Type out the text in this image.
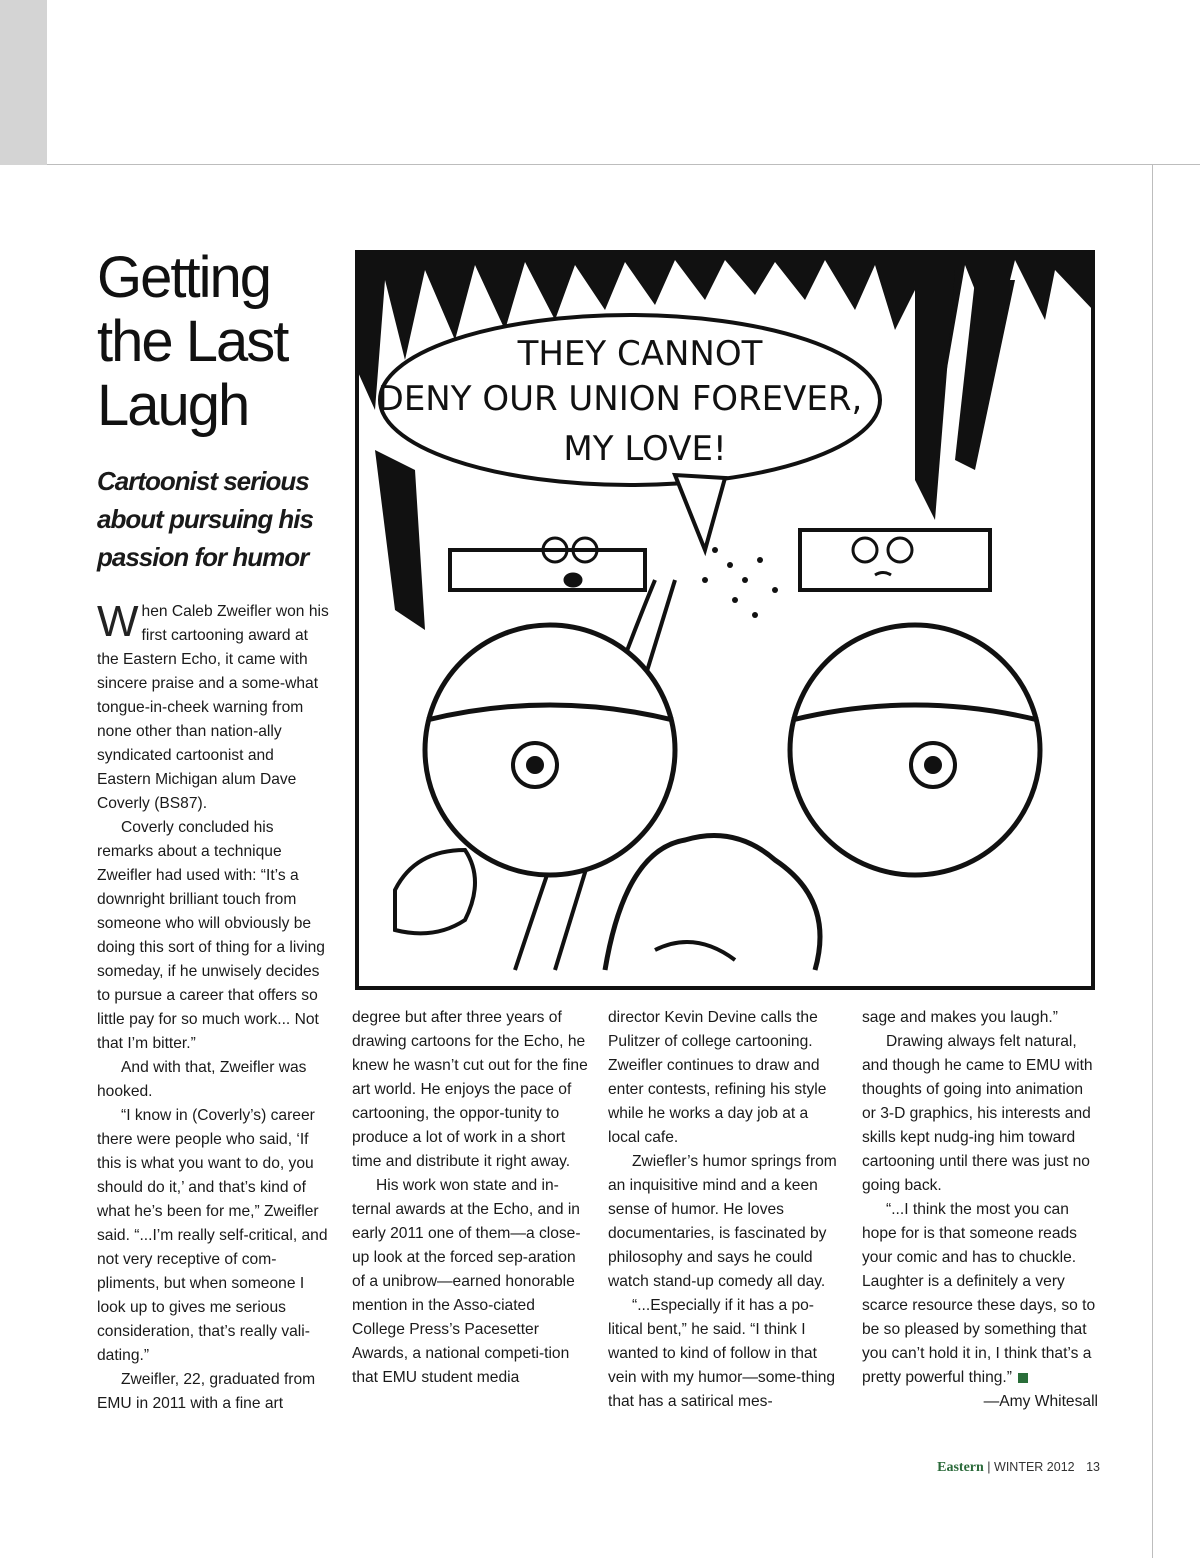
Getting the Last Laugh
Cartoonist serious about pursuing his passion for humor

When Caleb Zweifler won his first cartooning award at the Eastern Echo, it came with sincere praise and a some-what tongue-in-cheek warning from none other than nation-ally syndicated cartoonist and Eastern Michigan alum Dave Coverly (BS87).

Coverly concluded his remarks about a technique Zweifler had used with: “It’s a downright brilliant touch from someone who will obviously be doing this sort of thing for a living someday, if he unwisely decides to pursue a career that offers so little pay for so much work... Not that I’m bitter.”

And with that, Zweifler was hooked.

“I know in (Coverly’s) career there were people who said, ‘If this is what you want to do, you should do it,’ and that’s kind of what he’s been for me,” Zweifler said. “...I’m really self-critical, and not very receptive of com-pliments, but when someone I look up to gives me serious consideration, that’s really vali-dating.”

Zweifler, 22, graduated from EMU in 2011 with a fine art

degree but after three years of drawing cartoons for the Echo, he knew he wasn’t cut out for the fine art world. He enjoys the pace of cartooning, the oppor-tunity to produce a lot of work in a short time and distribute it right away.

His work won state and in-ternal awards at the Echo, and in early 2011 one of them—a close-up look at the forced sep-aration of a unibrow—earned honorable mention in the Asso-ciated College Press’s Pacesetter Awards, a national competi-tion that EMU student media

director Kevin Devine calls the Pulitzer of college cartooning. Zweifler continues to draw and enter contests, refining his style while he works a day job at a local cafe.

Zwiefler’s humor springs from an inquisitive mind and a keen sense of humor. He loves documentaries, is fascinated by philosophy and says he could watch stand-up comedy all day.

“...Especially if it has a po-litical bent,” he said. “I think I wanted to kind of follow in that vein with my humor—some-thing that has a satirical mes-

sage and makes you laugh.”

Drawing always felt natural, and though he came to EMU with thoughts of going into animation or 3-D graphics, his interests and skills kept nudg-ing him toward cartooning until there was just no going back.

“...I think the most you can hope for is that someone reads your comic and has to chuckle. Laughter is a definitely a very scarce resource these days, so to be so pleased by something that you can’t hold it in, I think that’s a pretty powerful thing.”

—Amy Whitesall

THEY CANNOT
DENY OUR UNION FOREVER,
MY LOVE!
Eastern | WINTER 2012 13
